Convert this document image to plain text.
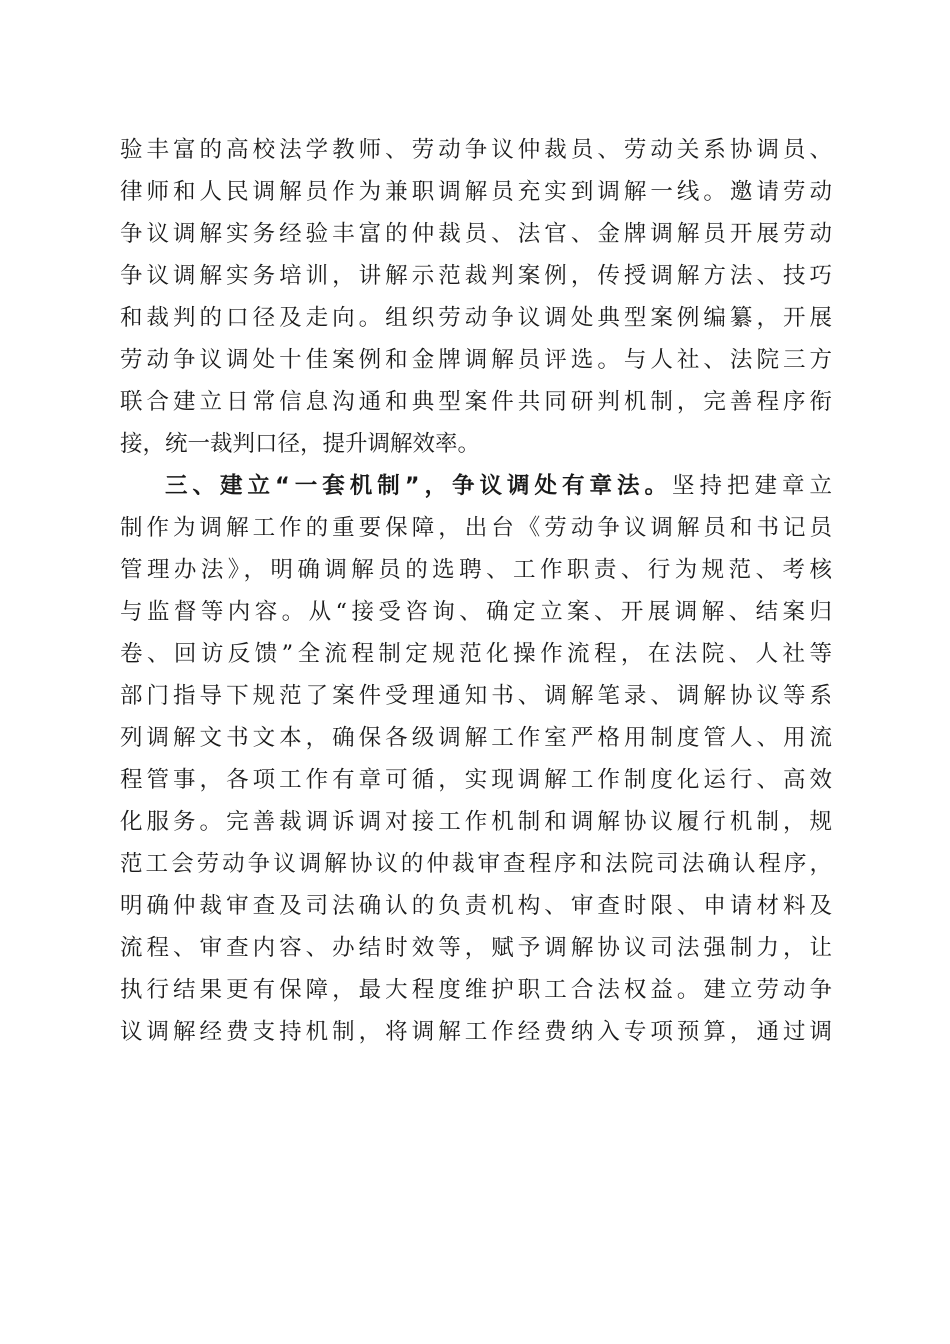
验丰富的高校法学教师、劳动争议仲裁员、劳动关系协调员、
律师和人民调解员作为兼职调解员充实到调解一线。邀请劳动
争议调解实务经验丰富的仲裁员、法官、金牌调解员开展劳动
争议调解实务培训，讲解示范裁判案例，传授调解方法、技巧
和裁判的口径及走向。组织劳动争议调处典型案例编纂，开展
劳动争议调处十佳案例和金牌调解员评选。与人社、法院三方
联合建立日常信息沟通和典型案件共同研判机制，完善程序衔
接，统一裁判口径，提升调解效率。
三、建立“一套机制”，争议调处有章法。坚持把建章立
制作为调解工作的重要保障，出台《劳动争议调解员和书记员
管理办法》，明确调解员的选聘、工作职责、行为规范、考核
与监督等内容。从“接受咨询、确定立案、开展调解、结案归
卷、回访反馈”全流程制定规范化操作流程，在法院、人社等
部门指导下规范了案件受理通知书、调解笔录、调解协议等系
列调解文书文本，确保各级调解工作室严格用制度管人、用流
程管事，各项工作有章可循，实现调解工作制度化运行、高效
化服务。完善裁调诉调对接工作机制和调解协议履行机制，规
范工会劳动争议调解协议的仲裁审查程序和法院司法确认程序，
明确仲裁审查及司法确认的负责机构、审查时限、申请材料及
流程、审查内容、办结时效等，赋予调解协议司法强制力，让
执行结果更有保障，最大程度维护职工合法权益。建立劳动争
议调解经费支持机制，将调解工作经费纳入专项预算，通过调
